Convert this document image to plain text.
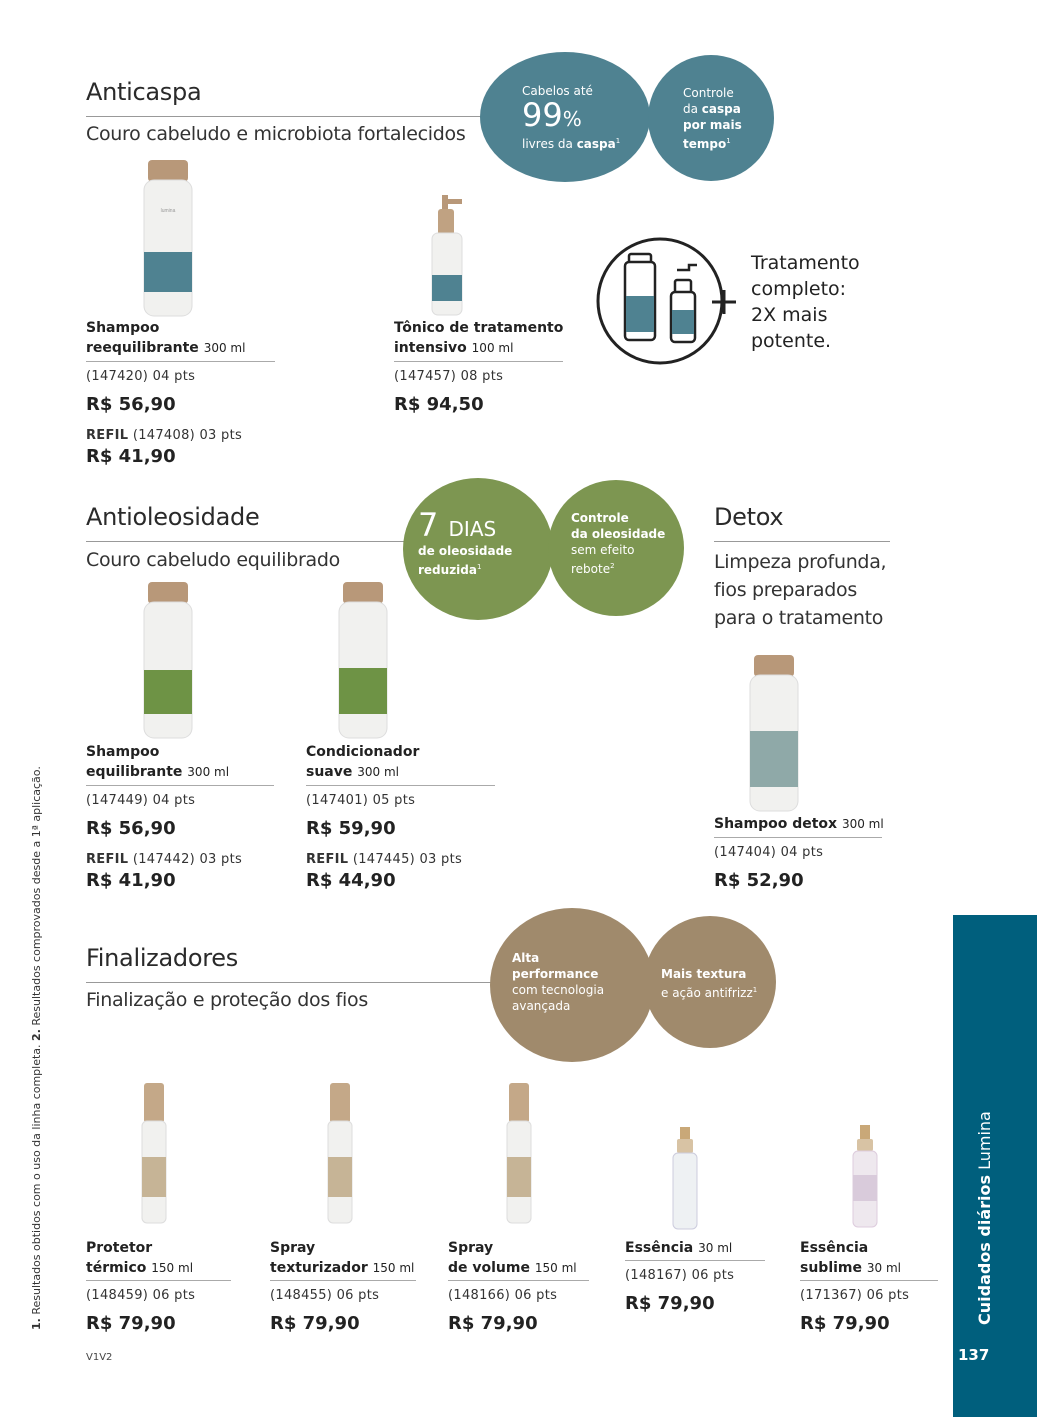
Anticaspa
Couro cabeludo e microbiota fortalecidos
Cabelos até
99%
livres da caspa$^1$
Controle
da caspa
por mais
tempo$^1$
lumina
Tratamento
completo:
2X mais
potente.
Shampoo
reequilibrante 300 ml
(147420) 04 pts
R$ 56,90
REFIL (147408) 03 pts
R$ 41,90
Tônico de tratamento
intensivo 100 ml
(147457) 08 pts
R$ 94,50
Antioleosidade
Couro cabeludo equilibrado
7 DIAS
de oleosidade
reduzida$^1$
Controle
da oleosidade
sem efeito
rebote$^2$
Shampoo
equilibrante 300 ml
(147449) 04 pts
R$ 56,90
REFIL (147442) 03 pts
R$ 41,90
Condicionador
suave 300 ml
(147401) 05 pts
R$ 59,90
REFIL (147445) 03 pts
R$ 44,90
Detox
Limpeza profunda,
fios preparados
para o tratamento
Shampoo detox 300 ml
(147404) 04 pts
R$ 52,90
Finalizadores
Finalização e proteção dos fios
Alta
performance
com tecnologia
avançada
Mais textura
e ação antifrizz$^1$
Protetor
térmico 150 ml
(148459) 06 pts
R$ 79,90
Spray
texturizador 150 ml
(148455) 06 pts
R$ 79,90
Spray
de volume 150 ml
(148166) 06 pts
R$ 79,90
Essência 30 ml
(148167) 06 pts
R$ 79,90
Essência
sublime 30 ml
(171367) 06 pts
R$ 79,90
V1V2
Cuidados diários Lumina
137
1. Resultados obtidos com o uso da linha completa. 2. Resultados comprovados desde a 1ª aplicação.
